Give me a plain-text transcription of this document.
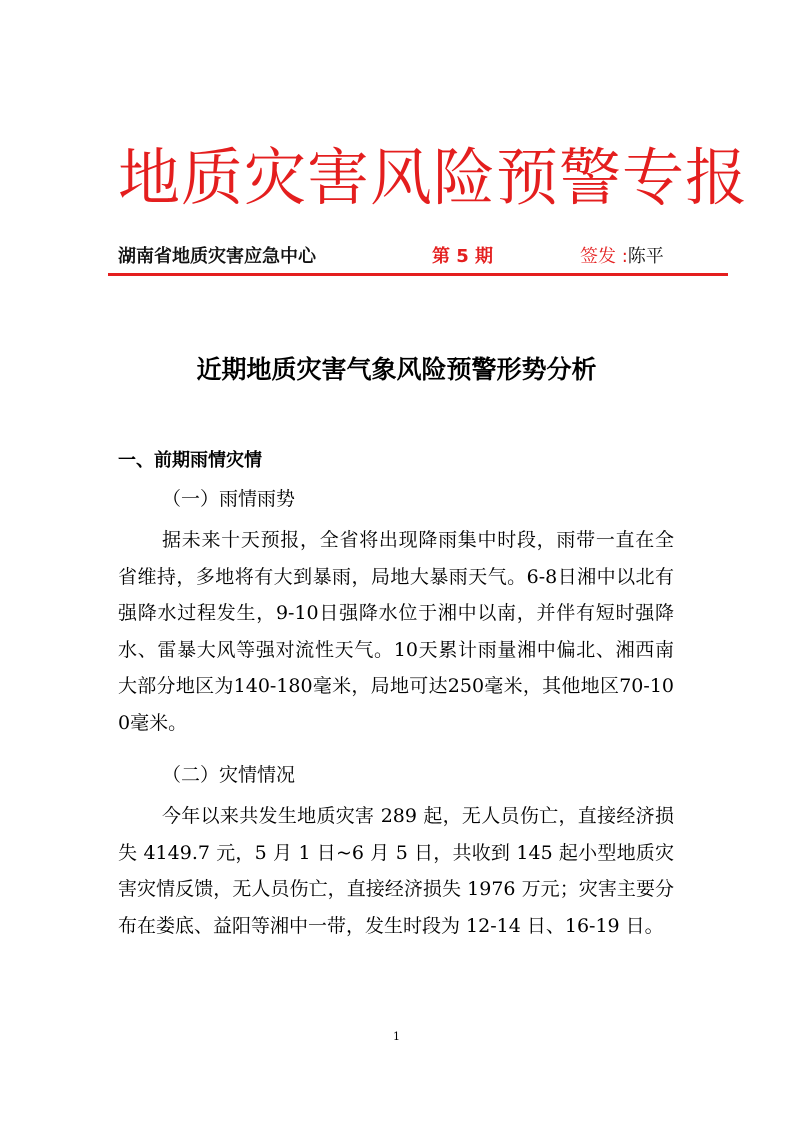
地质灾害风险预警专报
湖南省地质灾害应急中心	第 5 期	签发 :陈平
近期地质灾害气象风险预警形势分析
一、前期雨情灾情
（一）雨情雨势

据未来十天预报，全省将出现降雨集中时段，雨带一直在全省维持，多地将有大到暴雨，局地大暴雨天气。6-8日湘中以北有强降水过程发生，9-10日强降水位于湘中以南，并伴有短时强降水、雷暴大风等强对流性天气。10天累计雨量湘中偏北、湘西南大部分地区为140-180毫米，局地可达250毫米，其他地区70-100毫米。

（二）灾情情况

今年以来共发生地质灾害 289 起，无人员伤亡，直接经济损失 4149.7 元，5 月 1 日~6 月 5 日，共收到 145 起小型地质灾害灾情反馈，无人员伤亡，直接经济损失 1976 万元；灾害主要分布在娄底、益阳等湘中一带，发生时段为 12-14 日、16-19 日。

1
